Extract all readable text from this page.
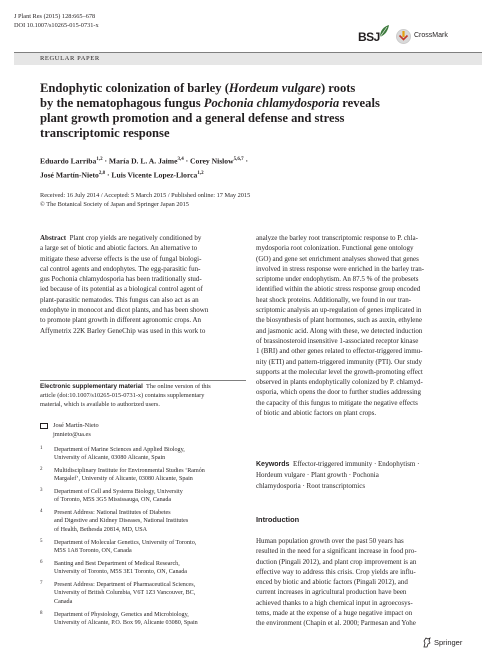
J Plant Res (2015) 128:665–678
DOI 10.1007/s10265-015-0731-x
BSJ	CrossMark
REGULAR PAPER
Endophytic colonization of barley (Hordeum vulgare) roots
by the nematophagous fungus Pochonia chlamydosporia reveals
plant growth promotion and a general defense and stress
transcriptomic response
Eduardo Larriba$^{1,2}$ · María D. L. A. Jaime$^{3,4}$ · Corey Nislow$^{5,6,7}$ ·
José Martín-Nieto$^{2,8}$ · Luis Vicente Lopez-Llorca$^{1,2}$
Received: 16 July 2014 / Accepted: 5 March 2015 / Published online: 17 May 2015
© The Botanical Society of Japan and Springer Japan 2015
Abstract Plant crop yields are negatively conditioned by
a large set of biotic and abiotic factors. An alternative to
mitigate these adverse effects is the use of fungal biologi-
cal control agents and endophytes. The egg-parasitic fun-
gus Pochonia chlamydosporia has been traditionally stud-
ied because of its potential as a biological control agent of
plant-parasitic nematodes. This fungus can also act as an
endophyte in monocot and dicot plants, and has been shown
to promote plant growth in different agronomic crops. An
Affymetrix 22K Barley GeneChip was used in this work to
analyze the barley root transcriptomic response to P. chla-
mydosporia root colonization. Functional gene ontology
(GO) and gene set enrichment analyses showed that genes
involved in stress response were enriched in the barley tran-
scriptome under endophytism. An 87.5 % of the probesets
identified within the abiotic stress response group encoded
heat shock proteins. Additionally, we found in our tran-
scriptomic analysis an up-regulation of genes implicated in
the biosynthesis of plant hormones, such as auxin, ethylene
and jasmonic acid. Along with these, we detected induction
of brassinosteroid insensitive 1-associated receptor kinase
1 (BRI) and other genes related to effector-triggered immu-
nity (ETI) and pattern-triggered immunity (PTI). Our study
supports at the molecular level the growth-promoting effect
observed in plants endophytically colonized by P. chlamyd-
osporia, which opens the door to further studies addressing
the capacity of this fungus to mitigate the negative effects
of biotic and abiotic factors on plant crops.
Electronic supplementary material The online version of this
article (doi:10.1007/s10265-015-0731-x) contains supplementary
material, which is available to authorized users.
José Martín-Nieto
jmnieto@ua.es
1 Department of Marine Sciences and Applied Biology,
University of Alicante, 03080 Alicante, Spain
2 Multidisciplinary Institute for Environmental Studies ‘Ramón
Margalef’, University of Alicante, 03080 Alicante, Spain
3 Department of Cell and Systems Biology, University
of Toronto, M5S 3G5 Mississauga, ON, Canada
4 Present Address: National Institutes of Diabetes
and Digestive and Kidney Diseases, National Institutes
of Health, Bethesda 20814, MD, USA
5 Department of Molecular Genetics, University of Toronto,
M5S 1A8 Toronto, ON, Canada
6 Banting and Best Department of Medical Research,
University of Toronto, M5S 3E1 Toronto, ON, Canada
7 Present Address: Department of Pharmaceutical Sciences,
University of British Columbia, V6T 1Z3 Vancouver, BC,
Canada
8 Department of Physiology, Genetics and Microbiology,
University of Alicante, P.O. Box 99, Alicante 03080, Spain
Keywords Effector-triggered immunity · Endophytism ·
Hordeum vulgare · Plant growth · Pochonia
chlamydosporia · Root transcriptomics
Introduction
Human population growth over the past 50 years has
resulted in the need for a significant increase in food pro-
duction (Pingali 2012), and plant crop improvement is an
effective way to address this crisis. Crop yields are influ-
enced by biotic and abiotic factors (Pingali 2012), and
current increases in agricultural production have been
achieved thanks to a high chemical input in agroecosys-
tems, made at the expense of a huge negative impact on
the environment (Chapin et al. 2000; Parmesan and Yohe
Springer
